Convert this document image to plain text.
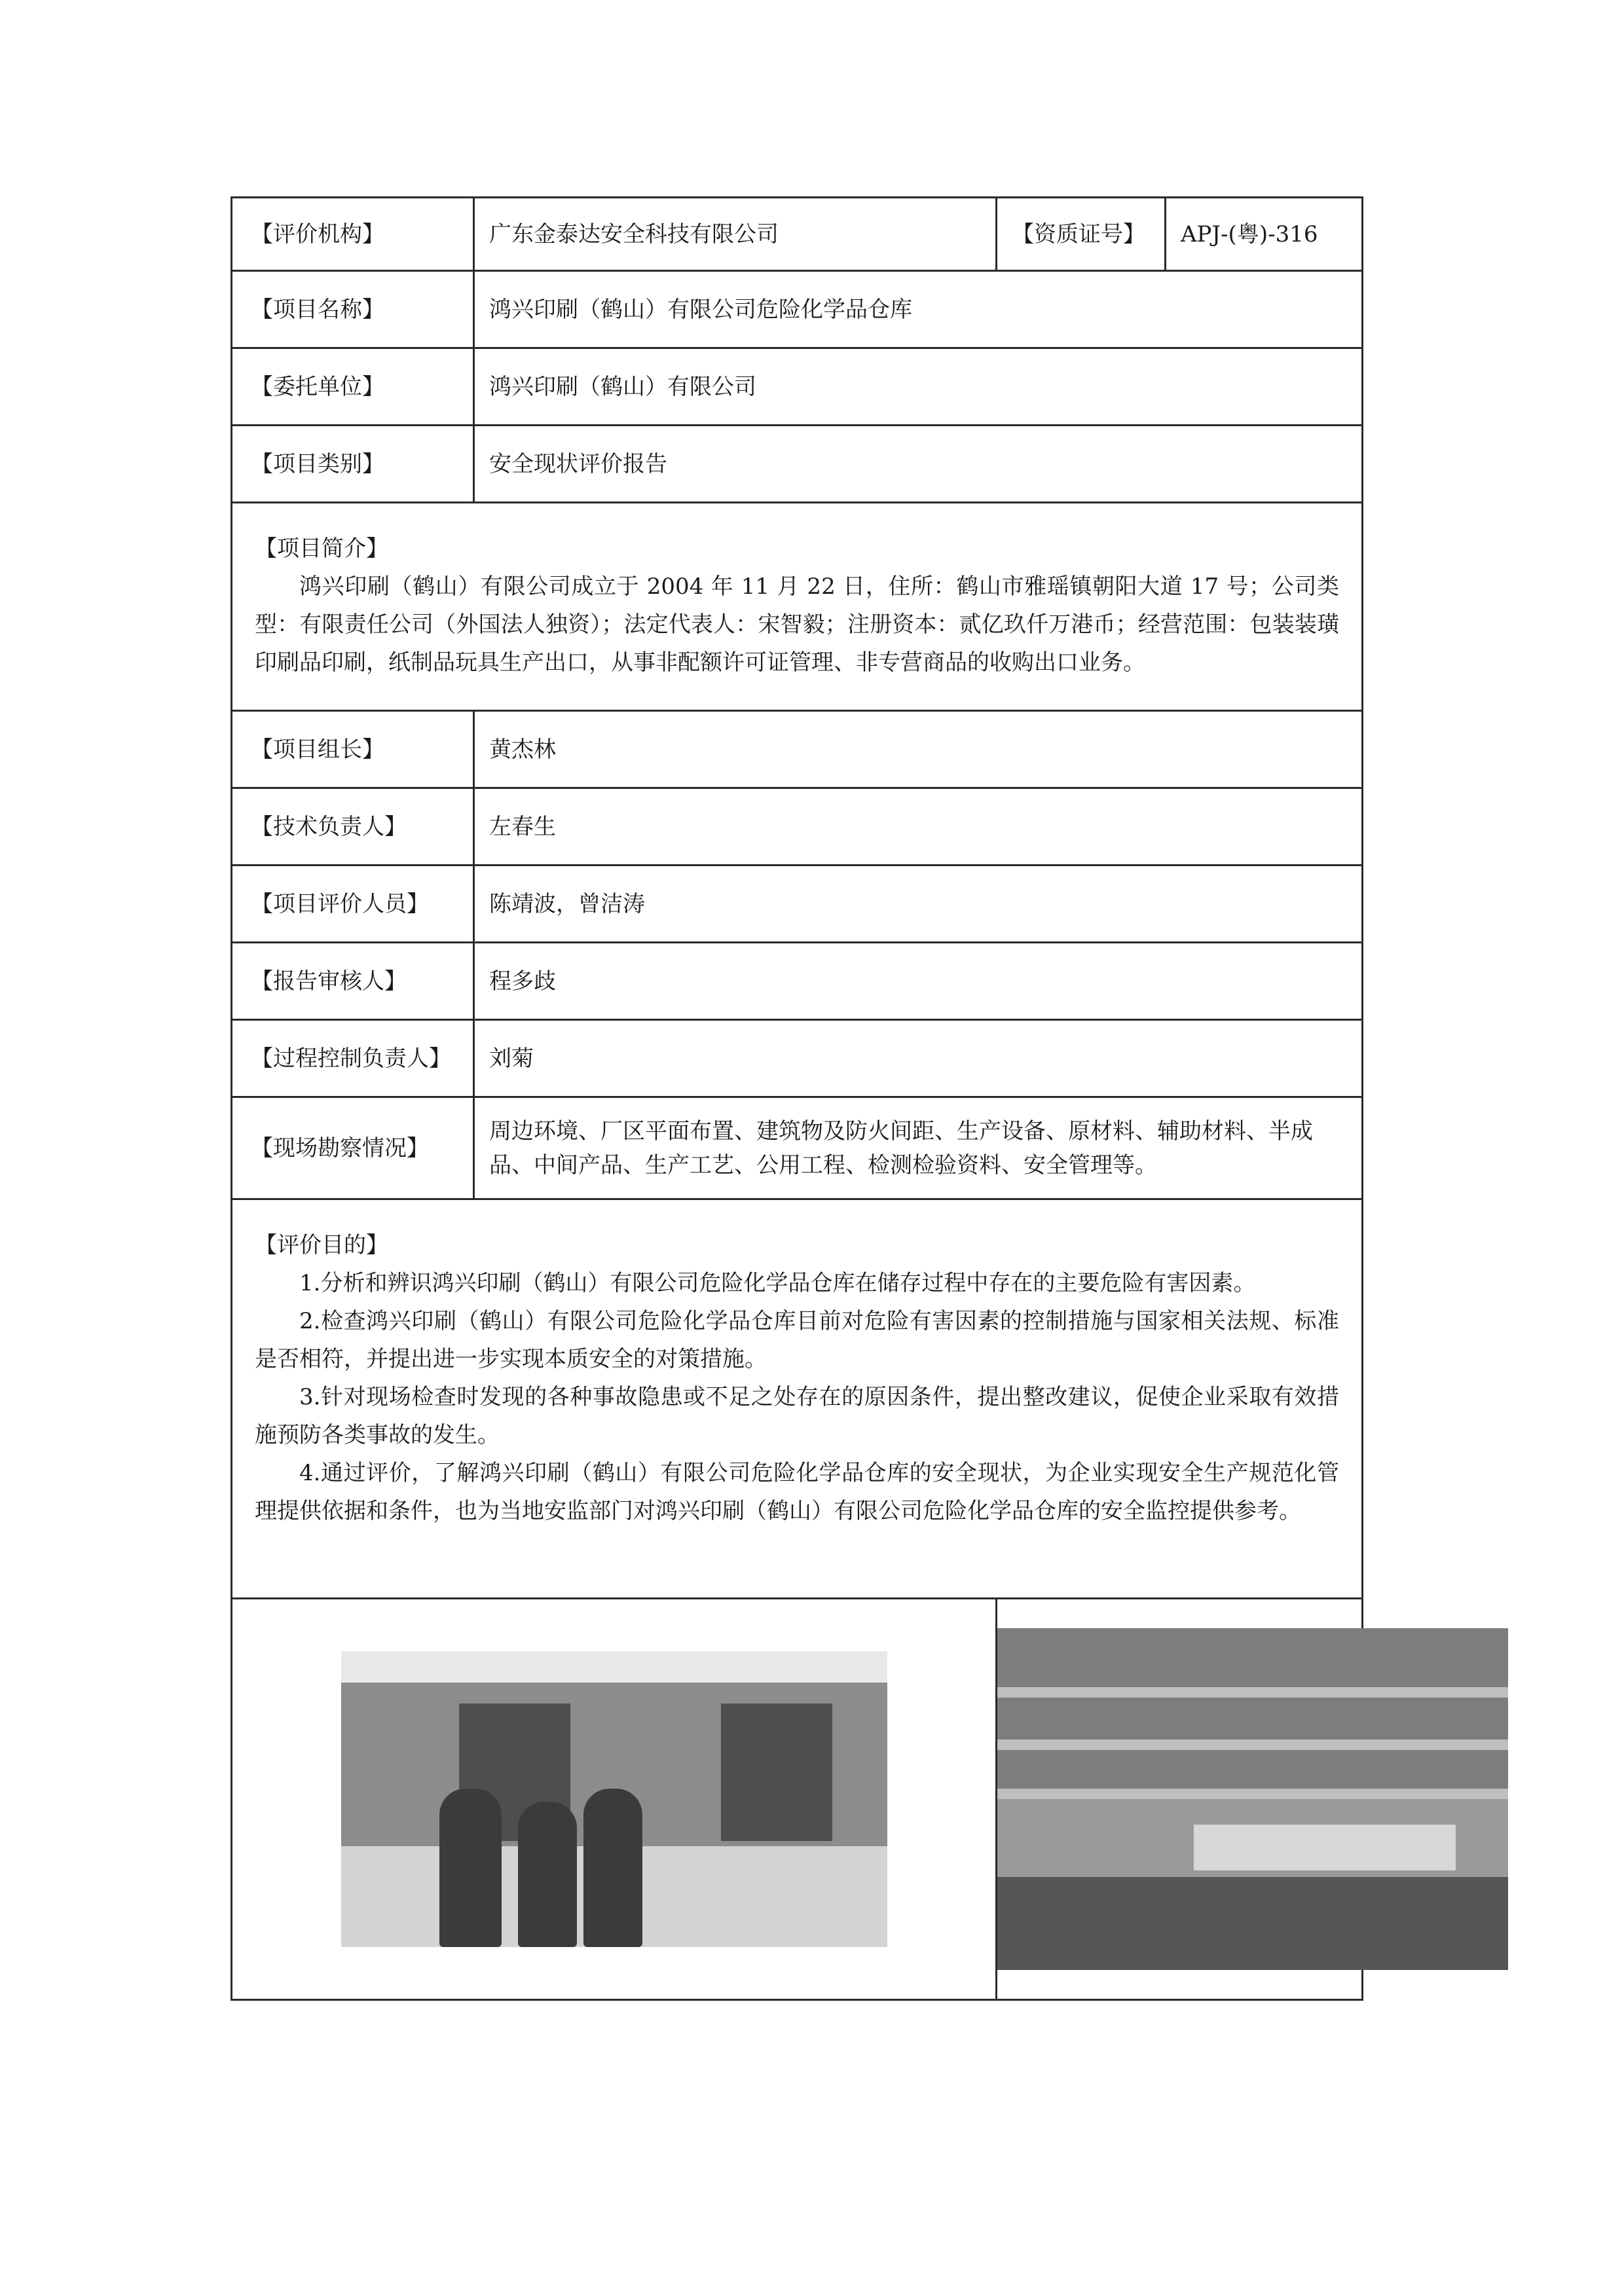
【评价机构】	广东金泰达安全科技有限公司	【资质证号】	APJ-(粤)-316
【项目名称】	鸿兴印刷（鹤山）有限公司危险化学品仓库		
【委托单位】	鸿兴印刷（鹤山）有限公司		
【项目类别】	安全现状评价报告		

【项目简介】

鸿兴印刷（鹤山）有限公司成立于 2004 年 11 月 22 日，住所：鹤山市雅瑶镇朝阳大道 17 号；公司类型：有限责任公司（外国法人独资）；法定代表人：宋智毅；注册资本：贰亿玖仟万港币；经营范围：包装装璜印刷品印刷，纸制品玩具生产出口，从事非配额许可证管理、非专营商品的收购出口业务。			

【项目组长】	黄杰林		
【技术负责人】	左春生		
【项目评价人员】	陈靖波，曾洁涛		
【报告审核人】	程多歧		
【过程控制负责人】	刘菊		
【现场勘察情况】	周边环境、厂区平面布置、建筑物及防火间距、生产设备、原材料、辅助材料、半成品、中间产品、生产工艺、公用工程、检测检验资料、安全管理等。		

【评价目的】

1.分析和辨识鸿兴印刷（鹤山）有限公司危险化学品仓库在储存过程中存在的主要危险有害因素。

2.检查鸿兴印刷（鹤山）有限公司危险化学品仓库目前对危险有害因素的控制措施与国家相关法规、标准是否相符，并提出进一步实现本质安全的对策措施。

3.针对现场检查时发现的各种事故隐患或不足之处存在的原因条件，提出整改建议，促使企业采取有效措施预防各类事故的发生。

4.通过评价，了解鸿兴印刷（鹤山）有限公司危险化学品仓库的安全现状，为企业实现安全生产规范化管理提供依据和条件，也为当地安监部门对鸿兴印刷（鹤山）有限公司危险化学品仓库的安全监控提供参考。			
